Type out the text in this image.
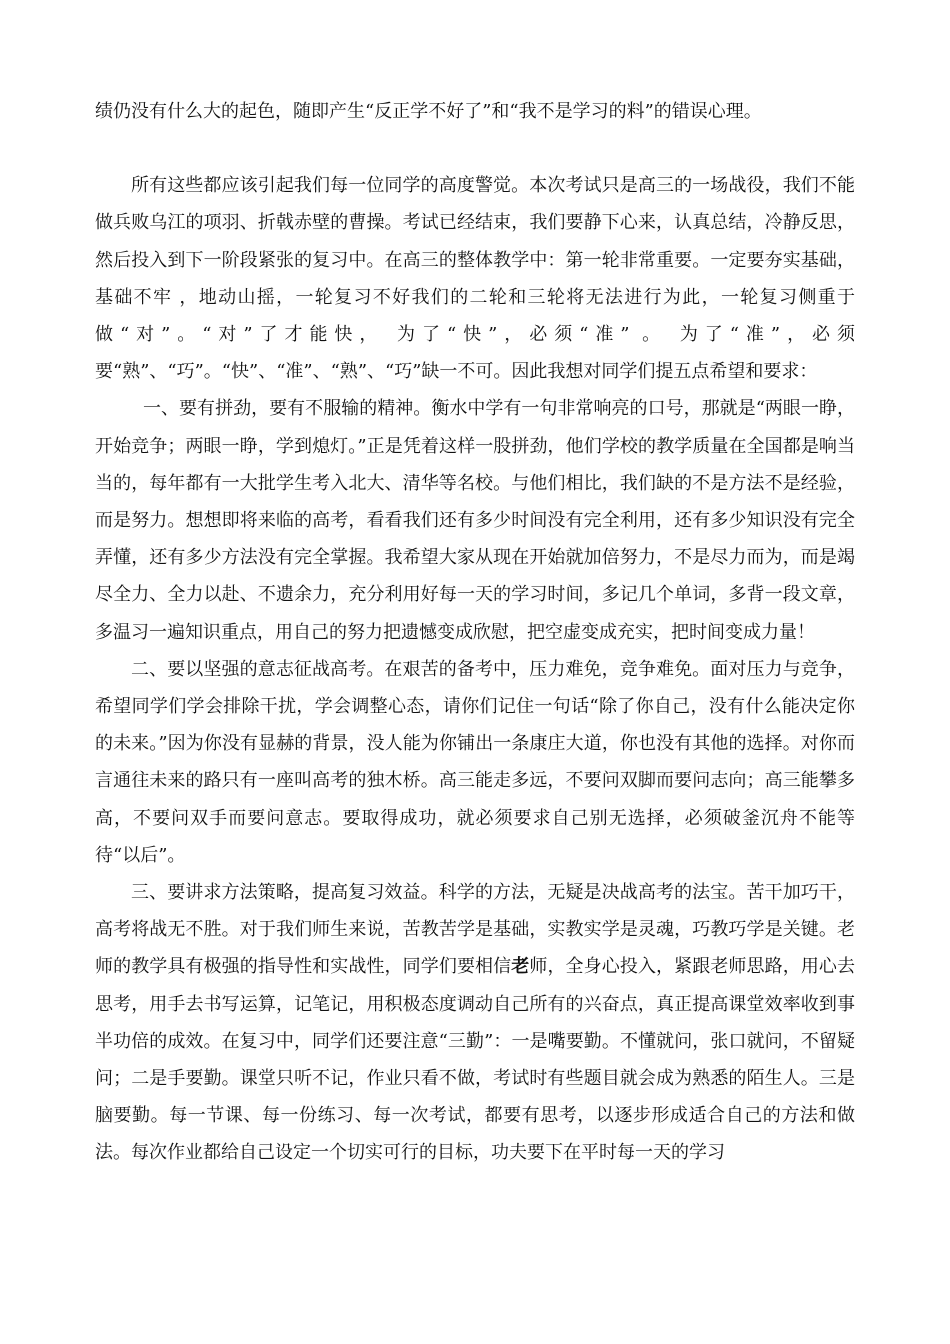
绩仍没有什么大的起色，随即产生“反正学不好了”和“我不是学习的料”的错误心理。

所有这些都应该引起我们每一位同学的高度警觉。本次考试只是高三的一场战役，我们不能做兵败乌江的项羽、折戟赤壁的曹操。考试已经结束，我们要静下心来，认真总结，冷静反思，然后投入到下一阶段紧张的复习中。在高三的整体教学中：第一轮非常重要。一定要夯实基础，基础不牢 ，地动山摇，一轮复习不好我们的二轮和三轮将无法进行为此，一轮复习侧重于做“对”。“对”了才能快， 为了“快”，必须“准” 。 为了“准”，必须要“熟”、“巧”。“快”、“准”、“熟”、“巧”缺一不可。因此我想对同学们提五点希望和要求：

一、要有拼劲，要有不服输的精神。衡水中学有一句非常响亮的口号，那就是“两眼一睁，开始竞争；两眼一睁，学到熄灯。”正是凭着这样一股拼劲，他们学校的教学质量在全国都是响当当的，每年都有一大批学生考入北大、清华等名校。与他们相比，我们缺的不是方法不是经验，而是努力。想想即将来临的高考，看看我们还有多少时间没有完全利用，还有多少知识没有完全弄懂，还有多少方法没有完全掌握。我希望大家从现在开始就加倍努力，不是尽力而为，而是竭尽全力、全力以赴、不遗余力，充分利用好每一天的学习时间，多记几个单词，多背一段文章，多温习一遍知识重点，用自己的努力把遗憾变成欣慰，把空虚变成充实，把时间变成力量！

二、要以坚强的意志征战高考。在艰苦的备考中，压力难免，竞争难免。面对压力与竞争，希望同学们学会排除干扰，学会调整心态，请你们记住一句话“除了你自己，没有什么能决定你的未来。”因为你没有显赫的背景，没人能为你铺出一条康庄大道，你也没有其他的选择。对你而言通往未来的路只有一座叫高考的独木桥。高三能走多远，不要问双脚而要问志向；高三能攀多高，不要问双手而要问意志。要取得成功，就必须要求自己别无选择，必须破釜沉舟不能等待“以后”。

三、要讲求方法策略，提高复习效益。科学的方法，无疑是决战高考的法宝。苦干加巧干，高考将战无不胜。对于我们师生来说，苦教苦学是基础，实教实学是灵魂，巧教巧学是关键。老师的教学具有极强的指导性和实战性，同学们要相信老师，全身心投入，紧跟老师思路，用心去思考，用手去书写运算，记笔记，用积极态度调动自己所有的兴奋点，真正提高课堂效率收到事半功倍的成效。在复习中，同学们还要注意“三勤”：一是嘴要勤。不懂就问，张口就问，不留疑问；二是手要勤。课堂只听不记，作业只看不做，考试时有些题目就会成为熟悉的陌生人。三是脑要勤。每一节课、每一份练习、每一次考试，都要有思考，以逐步形成适合自己的方法和做法。每次作业都给自己设定一个切实可行的目标，功夫要下在平时每一天的学习
